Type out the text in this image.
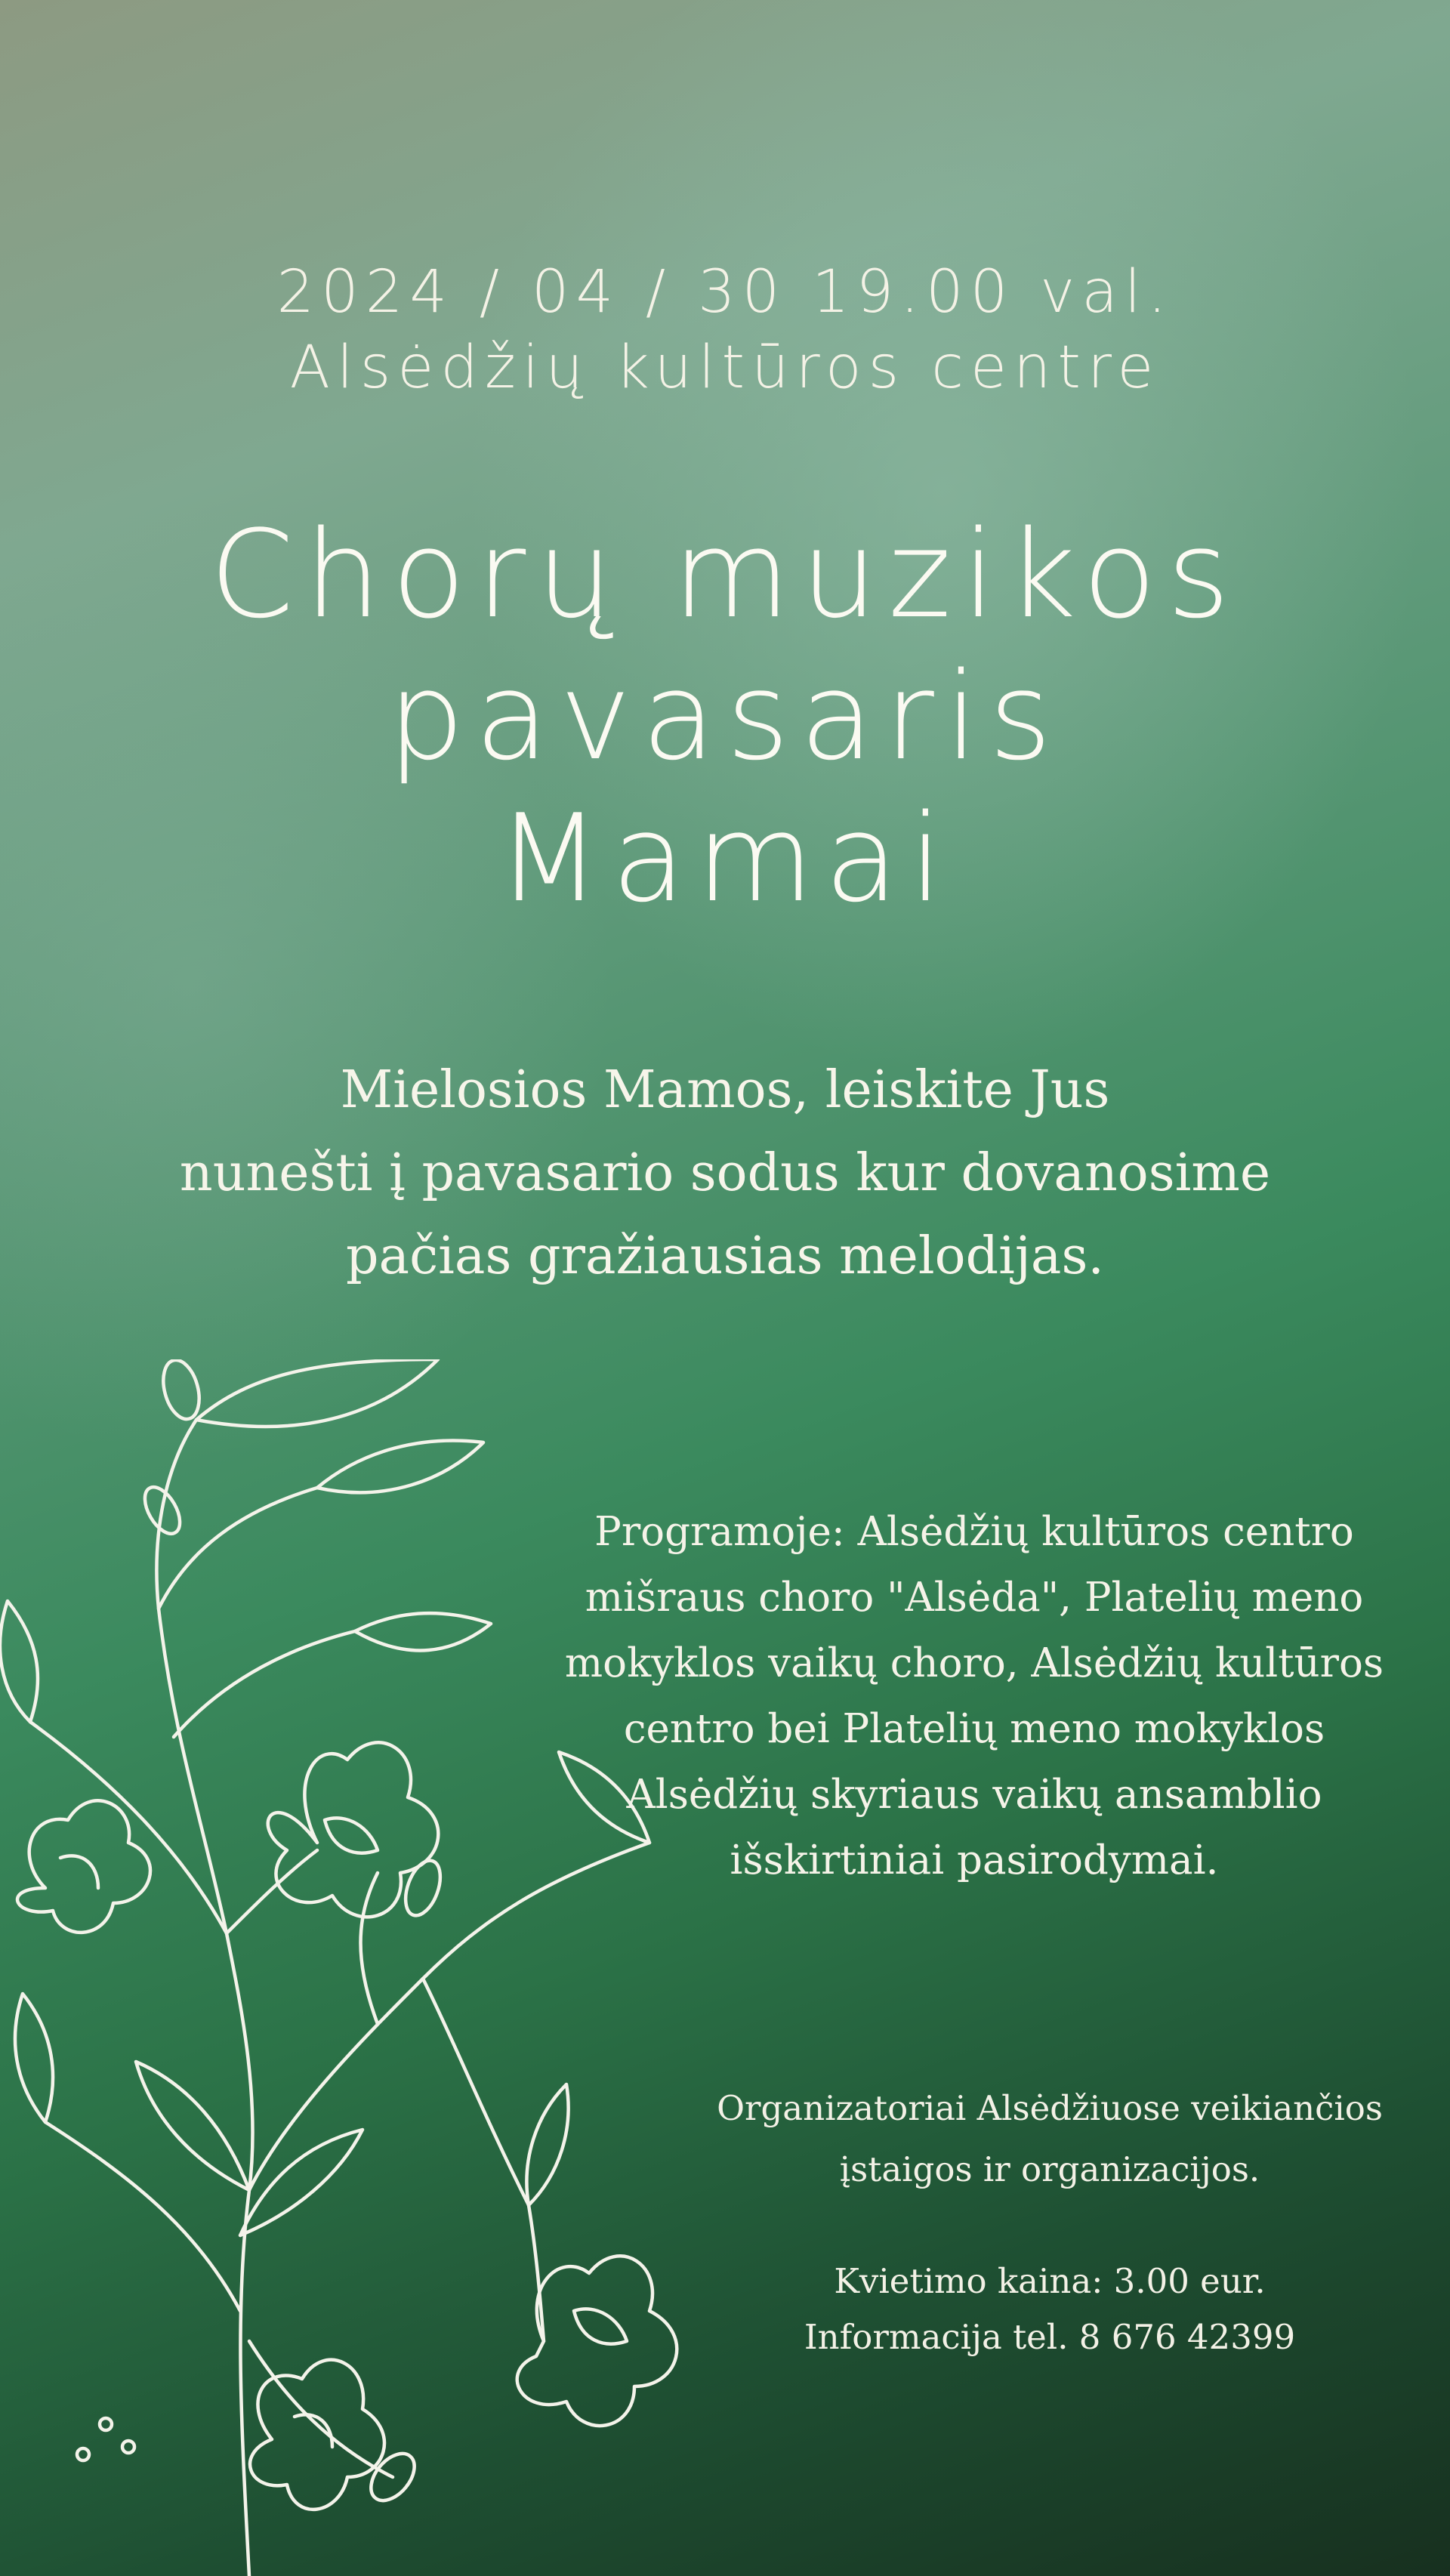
2024 / 04 / 30 19.00 val.
Alsėdžių kultūros centre
Chorų muzikos
pavasaris
Mamai
Mielosios Mamos, leiskite Jus
nunešti į pavasario sodus kur dovanosime
pačias gražiausias melodijas.
Programoje: Alsėdžių kultūros centro
mišraus choro "Alsėda", Platelių meno
mokyklos vaikų choro, Alsėdžių kultūros
centro bei Platelių meno mokyklos
Alsėdžių skyriaus vaikų ansamblio
išskirtiniai pasirodymai.
Organizatoriai Alsėdžiuose veikiančios
įstaigos ir organizacijos.
Kvietimo kaina: 3.00 eur.
Informacija tel. 8 676 42399
